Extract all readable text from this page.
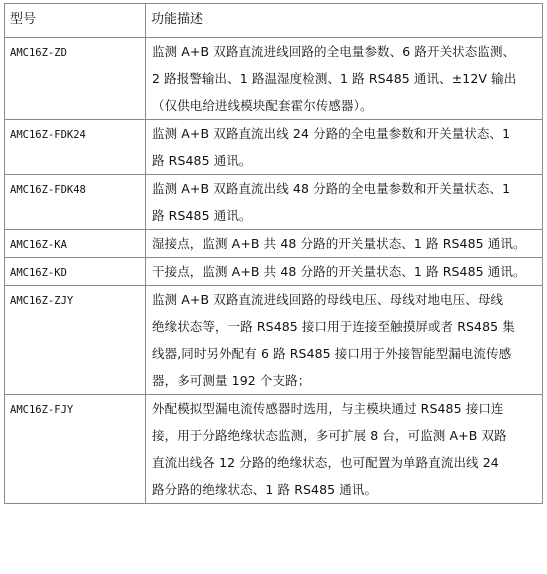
型号	功能描述
AMC16Z-ZD	监测 A+B 双路直流进线回路的全电量参数、6 路开关状态监测、
2 路报警输出、1 路温湿度检测、1 路 RS485 通讯、±12V 输出
（仅供电给进线模块配套霍尔传感器）。

AMC16Z-FDK24	监测 A+B 双路直流出线 24 分路的全电量参数和开关量状态、1
路 RS485 通讯。

AMC16Z-FDK48	监测 A+B 双路直流出线 48 分路的全电量参数和开关量状态、1
路 RS485 通讯。

AMC16Z-KA	湿接点，监测 A+B 共 48 分路的开关量状态、1 路 RS485 通讯。

AMC16Z-KD	干接点，监测 A+B 共 48 分路的开关量状态、1 路 RS485 通讯。

AMC16Z-ZJY	监测 A+B 双路直流进线回路的母线电压、母线对地电压、母线
绝缘状态等，一路 RS485 接口用于连接至触摸屏或者 RS485 集
线器,同时另外配有 6 路 RS485 接口用于外接智能型漏电流传感
器，多可测量 192 个支路；

AMC16Z-FJY	外配模拟型漏电流传感器时选用，与主模块通过 RS485 接口连
接，用于分路绝缘状态监测，多可扩展 8 台，可监测 A+B 双路
直流出线各 12 分路的绝缘状态，也可配置为单路直流出线 24
路分路的绝缘状态、1 路 RS485 通讯。
